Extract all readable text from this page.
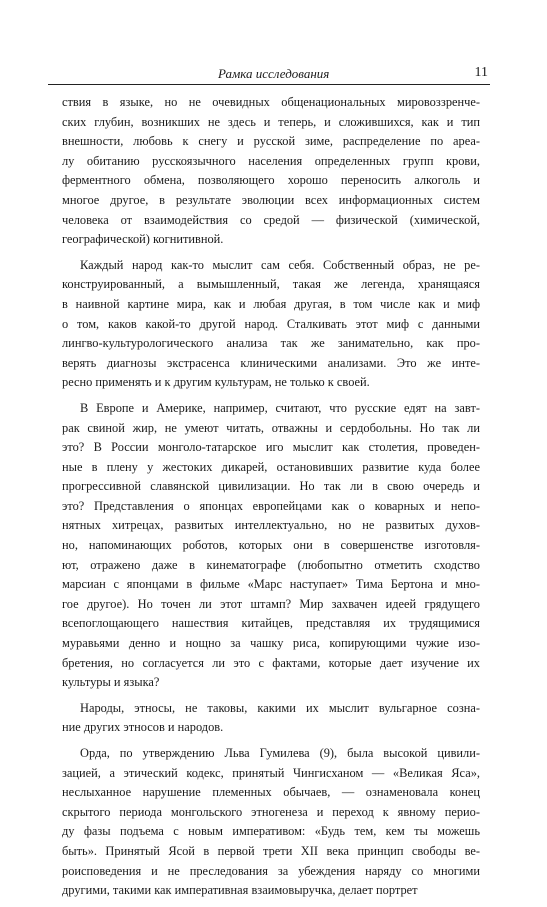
Рамка исследования	11
ствия в языке, но не очевидных общенациональных мировоззренче-
ских глубин, возникших не здесь и теперь, и сложившихся, как и тип
внешности, любовь к снегу и русской зиме, распределение по ареа-
лу обитанию русскоязычного населения определенных групп крови,
ферментного обмена, позволяющего хорошо переносить алкоголь и
многое другое, в результате эволюции всех информационных систем
человека от взаимодействия со средой — физической (химической,
географической) когнитивной.
Каждый народ как-то мыслит сам себя. Собственный образ, не ре-
конструированный, а вымышленный, такая же легенда, хранящаяся
в наивной картине мира, как и любая другая, в том числе как и миф
о том, каков какой-то другой народ. Сталкивать этот миф с данными
лингво-культурологического анализа так же занимательно, как про-
верять диагнозы экстрасенса клиническими анализами. Это же инте-
ресно применять и к другим культурам, не только к своей.
В Европе и Америке, например, считают, что русские едят на завт-
рак свиной жир, не умеют читать, отважны и сердобольны. Но так ли
это? В России монголо-татарское иго мыслит как столетия, проведен-
ные в плену у жестоких дикарей, остановивших развитие куда более
прогрессивной славянской цивилизации. Но так ли в свою очередь и
это? Представления о японцах европейцами как о коварных и непо-
нятных хитрецах, развитых интеллектуально, но не развитых духов-
но, напоминающих роботов, которых они в совершенстве изготовля-
ют, отражено даже в кинематографе (любопытно отметить сходство
марсиан с японцами в фильме «Марс наступает» Тима Бертона и мно-
гое другое). Но точен ли этот штамп? Мир захвачен идеей грядущего
всепоглощающего нашествия китайцев, представляя их трудящимися
муравьями денно и нощно за чашку риса, копирующими чужие изо-
бретения, но согласуется ли это с фактами, которые дает изучение их
культуры и языка?
Народы, этносы, не таковы, какими их мыслит вульгарное созна-
ние других этносов и народов.
Орда, по утверждению Льва Гумилева (9), была высокой цивили-
зацией, а этический кодекс, принятый Чингисханом — «Великая Яса»,
неслыханное нарушение племенных обычаев, — ознаменовала конец
скрытого периода монгольского этногенеза и переход к явному перио-
ду фазы подъема с новым императивом: «Будь тем, кем ты можешь
быть». Принятый Ясой в первой трети XII века принцип свободы ве-
роисповедения и не преследования за убеждения наряду со многими
другими, такими как императивная взаимовыручка, делает портрет
